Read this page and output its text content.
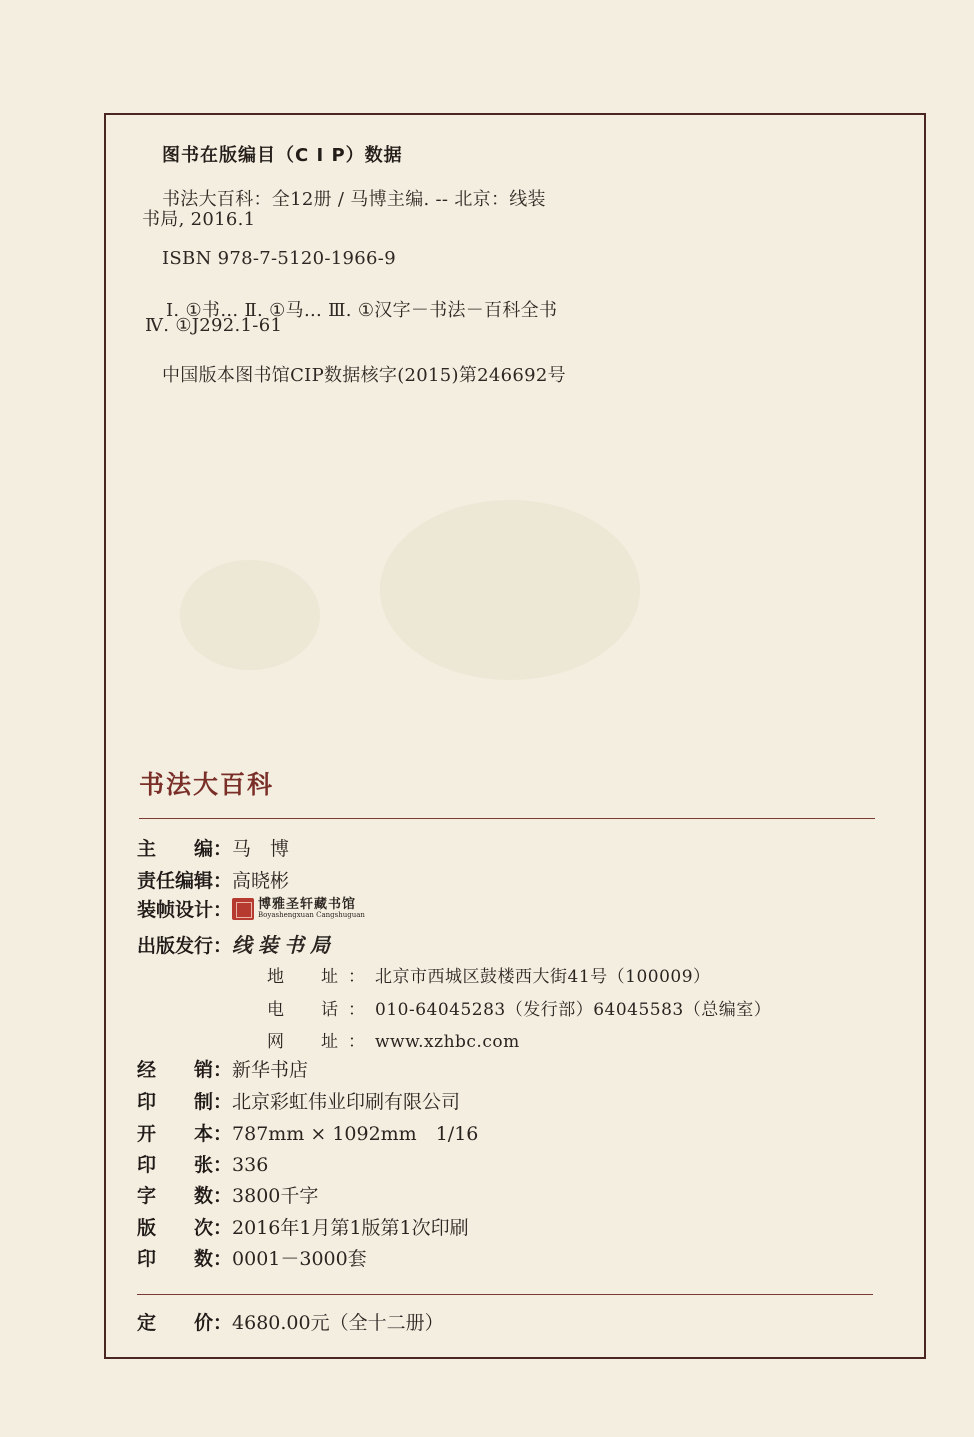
图书在版编目（C I P）数据
书法大百科：全12册 / 马博主编. -- 北京：线装
书局, 2016.1
ISBN 978-7-5120-1966-9
Ⅰ. ①书… Ⅱ. ①马… Ⅲ. ①汉字－书法－百科全书
Ⅳ. ①J292.1-61
中国版本图书馆CIP数据核字(2015)第246692号
书法大百科
主　　编：马　博
责任编辑：高晓彬
装帧设计： 博雅圣轩藏书馆
Boyashengxuan Cangshuguan
出版发行：线装书局
地　址：北京市西城区鼓楼西大街41号（100009）
电　话：010-64045283（发行部）64045583（总编室）
网　址：www.xzhbc.com
经　　销：新华书店
印　　制：北京彩虹伟业印刷有限公司
开　　本：787mm × 1092mm　1/16
印　　张：336
字　　数：3800千字
版　　次：2016年1月第1版第1次印刷
印　　数：0001－3000套
定　　价：4680.00元（全十二册）
